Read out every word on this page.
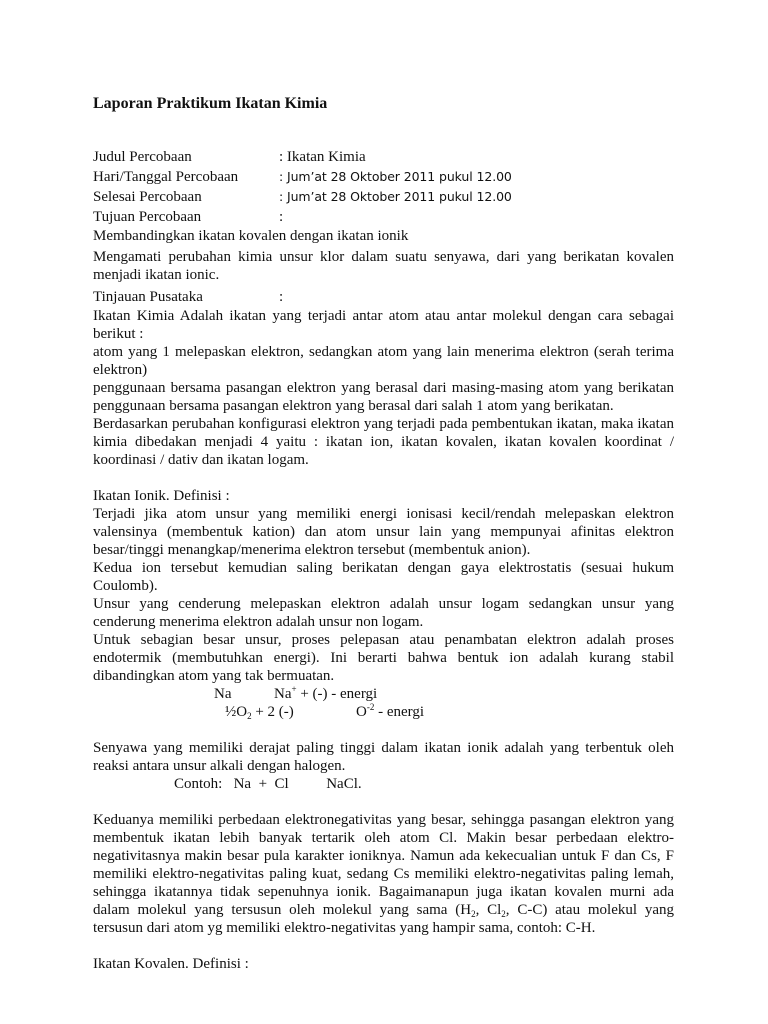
Laporan Praktikum Ikatan Kimia
Judul Percobaan	: Ikatan Kimia
Hari/Tanggal Percobaan	: Jum’at 28 Oktober 2011 pukul 12.00
Selesai Percobaan	: Jum’at 28 Oktober 2011 pukul 12.00
Tujuan Percobaan	:

Membandingkan ikatan kovalen dengan ikatan ionik

Mengamati perubahan kimia unsur klor dalam suatu senyawa, dari yang berikatan kovalen menjadi ikatan ionic.

Tinjauan Pusataka	:

Ikatan Kimia Adalah ikatan yang terjadi antar atom atau antar molekul dengan cara sebagai berikut :

atom yang 1 melepaskan elektron, sedangkan atom yang lain menerima elektron (serah terima elektron)

penggunaan bersama pasangan elektron yang berasal dari masing-masing atom yang berikatan penggunaan bersama pasangan elektron yang berasal dari salah 1 atom yang berikatan.

Berdasarkan perubahan konfigurasi elektron yang terjadi pada pembentukan ikatan, maka ikatan kimia dibedakan menjadi 4 yaitu : ikatan ion, ikatan kovalen, ikatan kovalen koordinat / koordinasi / dativ dan ikatan logam.

Ikatan Ionik. Definisi :

Terjadi jika atom unsur yang memiliki energi ionisasi kecil/rendah melepaskan elektron valensinya (membentuk kation) dan atom unsur lain yang mempunyai afinitas elektron besar/tinggi menangkap/menerima elektron tersebut (membentuk anion).

Kedua ion tersebut kemudian saling berikatan dengan gaya elektrostatis (sesuai hukum Coulomb).

Unsur yang cenderung melepaskan elektron adalah unsur logam sedangkan unsur yang cenderung menerima elektron adalah unsur non logam.

Untuk sebagian besar unsur, proses pelepasan atau penambatan elektron adalah proses endotermik (membutuhkan energi). Ini berarti bahwa bentuk ion adalah kurang stabil dibandingkan atom yang tak bermuatan.

Na	Na+ + (-) - energi
$\frac{1}{2}O_2 + 2$ (-)	$O^{-2}$ - energi

Senyawa yang memiliki derajat paling tinggi dalam ikatan ionik adalah yang terbentuk oleh reaksi antara unsur alkali dengan halogen.

Contoh:   Na  +  Cl          NaCl.

Keduanya memiliki perbedaan elektronegativitas yang besar, sehingga pasangan elektron yang membentuk ikatan lebih banyak tertarik oleh atom Cl. Makin besar perbedaan elektro-negativitasnya makin besar pula karakter ioniknya. Namun ada kekecualian untuk F dan Cs, F memiliki elektro-negativitas paling kuat, sedang Cs memiliki elektro-negativitas paling lemah, sehingga ikatannya tidak sepenuhnya ionik. Bagaimanapun juga ikatan kovalen murni ada dalam molekul yang tersusun oleh molekul yang sama ($H_2$, $Cl_2$, C-C) atau molekul yang tersusun dari atom yg memiliki elektro-negativitas yang hampir sama, contoh: C-H.

Ikatan Kovalen. Definisi :
